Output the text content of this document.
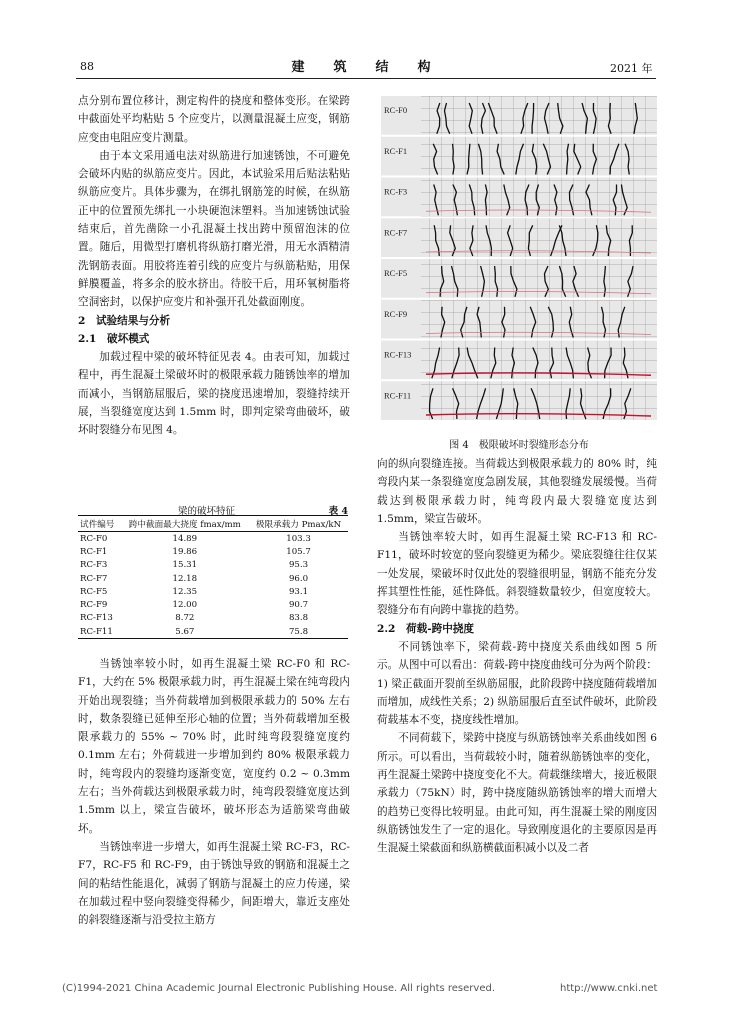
88	建　筑　结　构	2021 年

点分别布置位移计，测定构件的挠度和整体变形。在梁跨中截面处平均粘贴 5 个应变片，以测量混凝土应变，钢筋应变由电阻应变片测量。

由于本文采用通电法对纵筋进行加速锈蚀，不可避免会破坏内贴的纵筋应变片。因此，本试验采用后贴法粘贴纵筋应变片。具体步骤为，在绑扎钢筋笼的时候，在纵筋正中的位置预先绑扎一小块硬泡沫塑料。当加速锈蚀试验结束后，首先凿除一小孔混凝土找出跨中预留泡沫的位置。随后，用微型打磨机将纵筋打磨光滑，用无水酒精清洗钢筋表面。用胶将连着引线的应变片与纵筋粘贴，用保鲜膜覆盖，将多余的胶水挤出。待胶干后，用环氧树脂将空洞密封，以保护应变片和补强开孔处截面刚度。

2　试验结果与分析

2.1　破坏模式

加载过程中梁的破坏特征见表 4。由表可知，加载过程中，再生混凝土梁破坏时的极限承载力随锈蚀率的增加而减小，当钢筋屈服后，梁的挠度迅速增加，裂缝持续开展，当裂缝宽度达到 1.5mm 时，即判定梁弯曲破坏，破坏时裂缝分布见图 4。

梁的破坏特征	表 4
试件编号	跨中截面最大挠度 fmax/mm	极限承载力 Pmax/kN
RC-F0	14.89	103.3
RC-F1	19.86	105.7
RC-F3	15.31	95.3
RC-F7	12.18	96.0
RC-F5	12.35	93.1
RC-F9	12.00	90.7
RC-F13	8.72	83.8
RC-F11	5.67	75.8

当锈蚀率较小时，如再生混凝土梁 RC-F0 和 RC-F1，大约在 5% 极限承载力时，再生混凝土梁在纯弯段内开始出现裂缝；当外荷载增加到极限承载力的 50% 左右时，数条裂缝已延伸至形心轴的位置；当外荷载增加至极限承载力的 55% ~ 70% 时，此时纯弯段裂缝宽度约 0.1mm 左右；外荷载进一步增加到约 80% 极限承载力时，纯弯段内的裂缝均逐渐变宽，宽度约 0.2 ~ 0.3mm 左右；当外荷载达到极限承载力时，纯弯段裂缝宽度达到 1.5mm 以上，梁宣告破坏，破坏形态为适筋梁弯曲破坏。

当锈蚀率进一步增大，如再生混凝土梁 RC-F3，RC-F7，RC-F5 和 RC-F9，由于锈蚀导致的钢筋和混凝土之间的粘结性能退化，减弱了钢筋与混凝土的应力传递，梁在加载过程中竖向裂缝变得稀少，间距增大，靠近支座处的斜裂缝逐渐与沿受拉主筋方

RC-F0
RC-F1
RC-F3
RC-F7
RC-F5
RC-F9
RC-F13
RC-F11
图 4　极限破坏时裂缝形态分布

向的纵向裂缝连接。当荷载达到极限承载力的 80% 时，纯弯段内某一条裂缝宽度急剧发展，其他裂缝发展缓慢。当荷载达到极限承载力时，纯弯段内最大裂缝宽度达到 1.5mm，梁宣告破坏。

当锈蚀率较大时，如再生混凝土梁 RC-F13 和 RC-F11，破坏时较宽的竖向裂缝更为稀少。梁底裂缝往往仅某一处发展，梁破坏时仅此处的裂缝很明显，钢筋不能充分发挥其塑性性能，延性降低。斜裂缝数量较少，但宽度较大。裂缝分布有向跨中靠拢的趋势。

2.2　荷载-跨中挠度

不同锈蚀率下，梁荷载-跨中挠度关系曲线如图 5 所示。从图中可以看出：荷载-跨中挠度曲线可分为两个阶段：1) 梁正截面开裂前至纵筋屈服，此阶段跨中挠度随荷载增加而增加，成线性关系；2) 纵筋屈服后直至试件破坏，此阶段荷载基本不变，挠度线性增加。

不同荷载下，梁跨中挠度与纵筋锈蚀率关系曲线如图 6 所示。可以看出，当荷载较小时，随着纵筋锈蚀率的变化，再生混凝土梁跨中挠度变化不大。荷载继续增大，接近极限承载力（75kN）时，跨中挠度随纵筋锈蚀率的增大而增大的趋势已变得比较明显。由此可知，再生混凝土梁的刚度因纵筋锈蚀发生了一定的退化。导致刚度退化的主要原因是再生混凝土梁截面和纵筋横截面积减小以及二者

(C)1994-2021 China Academic Journal Electronic Publishing House. All rights reserved.	http://www.cnki.net
